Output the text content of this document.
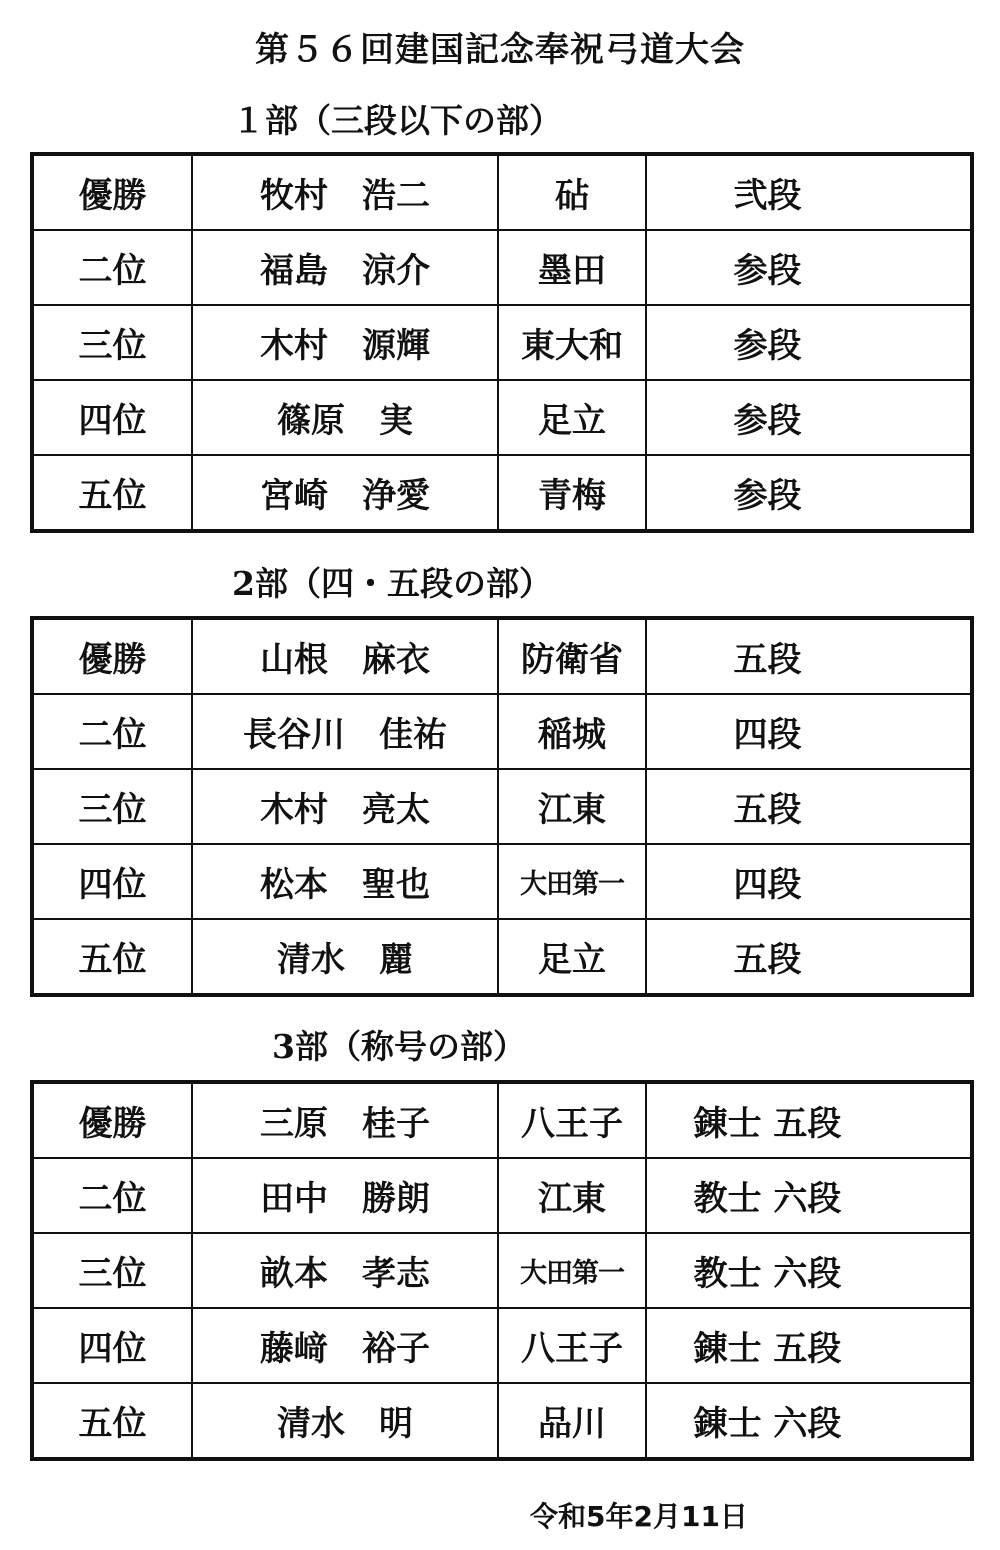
第５６回建国記念奉祝弓道大会
１部（三段以下の部）
優勝	牧村　浩二	砧	弐段
二位	福島　涼介	墨田	参段
三位	木村　源輝	東大和	参段
四位	篠原　実	足立	参段
五位	宮崎　浄愛	青梅	参段
2部（四・五段の部）
優勝	山根　麻衣	防衛省	五段
二位	長谷川　佳祐	稲城	四段
三位	木村　亮太	江東	五段
四位	松本　聖也	大田第一	四段
五位	清水　麗	足立	五段
3部（称号の部）
優勝	三原　桂子	八王子	錬士 五段
二位	田中　勝朗	江東	教士 六段
三位	畝本　孝志	大田第一	教士 六段
四位	藤﨑　裕子	八王子	錬士 五段
五位	清水　明	品川	錬士 六段
令和5年2月11日
